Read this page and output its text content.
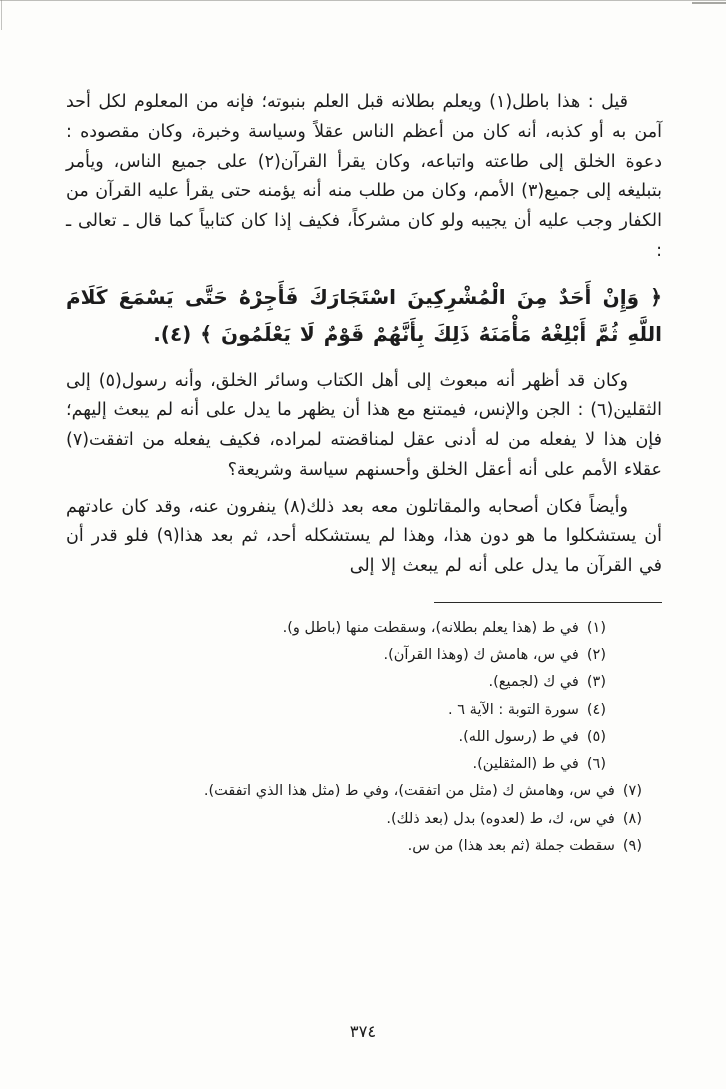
قيل : هذا باطل(١) ويعلم بطلانه قبل العلم بنبوته؛ فإنه من المعلوم لكل أحد آمن به أو كذبه، أنه كان من أعظم الناس عقلاً وسياسة وخبرة، وكان مقصوده : دعوة الخلق إلى طاعته واتباعه، وكان يقرأ القرآن(٢) على جميع الناس، ويأمر بتبليغه إلى جميع(٣) الأمم، وكان من طلب منه أنه يؤمنه حتى يقرأ عليه القرآن من الكفار وجب عليه أن يجيبه ولو كان مشركاً، فكيف إذا كان كتابياً كما قال ـ تعالى ـ :

﴿ وَإِنْ أَحَدٌ مِنَ الْمُشْرِكِينَ اسْتَجَارَكَ فَأَجِرْهُ حَتَّى يَسْمَعَ كَلَامَ اللَّهِ ثُمَّ أَبْلِغْهُ مَأْمَنَهُ ذَلِكَ بِأَنَّهُمْ قَوْمٌ لَا يَعْلَمُونَ ﴾ (٤).

وكان قد أظهر أنه مبعوث إلى أهل الكتاب وسائر الخلق، وأنه رسول(٥) إلى الثقلين(٦) : الجن والإنس، فيمتنع مع هذا أن يظهر ما يدل على أنه لم يبعث إليهم؛ فإن هذا لا يفعله من له أدنى عقل لمناقضته لمراده، فكيف يفعله من اتفقت(٧) عقلاء الأمم على أنه أعقل الخلق وأحسنهم سياسة وشريعة؟

وأيضاً فكان أصحابه والمقاتلون معه بعد ذلك(٨) ينفرون عنه، وقد كان عادتهم أن يستشكلوا ما هو دون هذا، وهذا لم يستشكله أحد، ثم بعد هذا(٩) فلو قدر أن في القرآن ما يدل على أنه لم يبعث إلا إلى

(١)
في ط (هذا يعلم بطلانه)، وسقطت منها (باطل و).
(٢)
في س، هامش ك (وهذا القرآن).
(٣)
في ك (لجميع).
(٤)
سورة التوبة : الآية ٦ .
(٥)
في ط (رسول الله).
(٦)
في ط (المثقلين).
(٧)
في س، وهامش ك (مثل من اتفقت)، وفي ط (مثل هذا الذي اتفقت).
(٨)
في س، ك، ط (لعدوه) بدل (بعد ذلك).
(٩)
سقطت جملة (ثم بعد هذا) من س.
٣٧٤
